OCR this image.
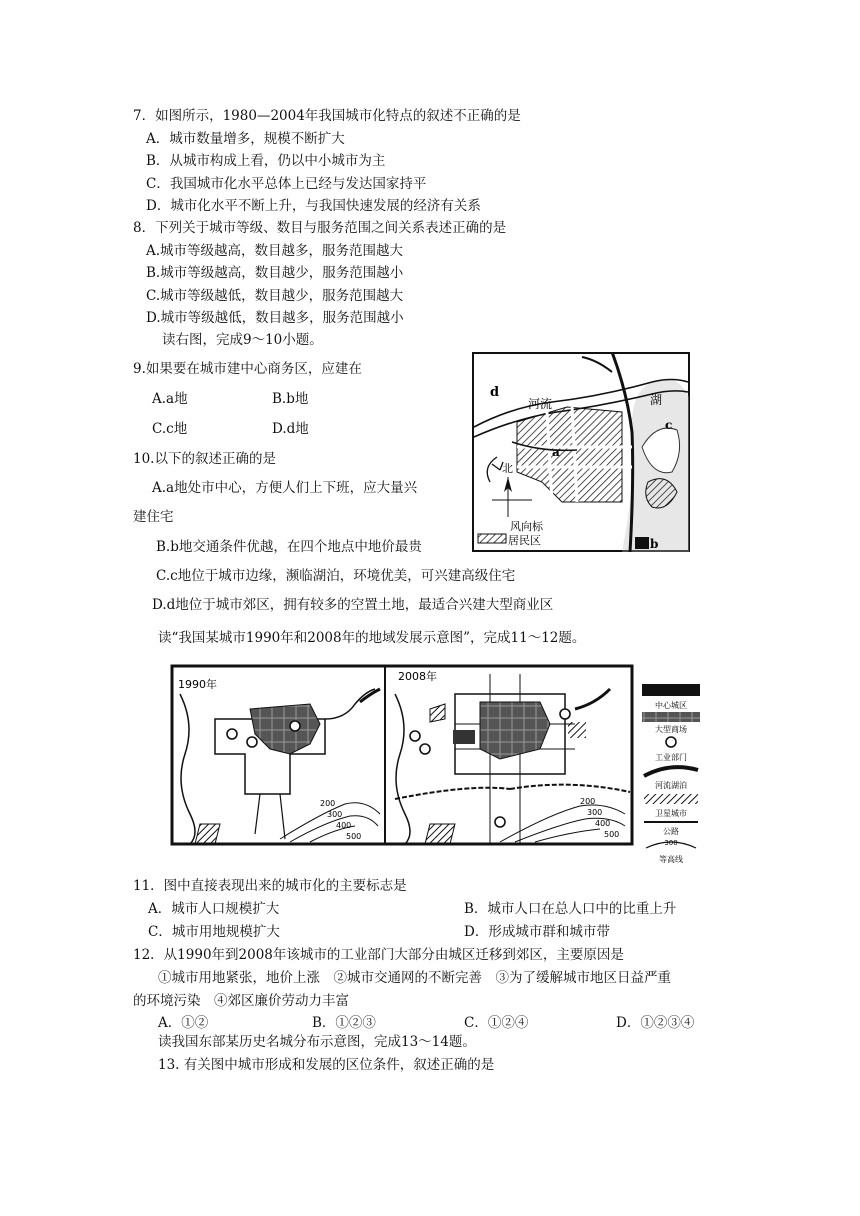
7．如图所示，1980—2004年我国城市化特点的叙述不正确的是
A．城市数量增多，规模不断扩大
B．从城市构成上看，仍以中小城市为主
C．我国城市化水平总体上已经与发达国家持平
D．城市化水平不断上升，与我国快速发展的经济有关系
8．下列关于城市等级、数目与服务范围之间关系表述正确的是
A.城市等级越高，数目越多，服务范围越大
B.城市等级越高，数目越少，服务范围越小
C.城市等级越低，数目越少，服务范围越大
D.城市等级越低，数目越多，服务范围越小
读右图，完成9～10小题。
9.如果要在城市建中心商务区，应建在
A.a地	B.b地
C.c地	D.d地
10.以下的叙述正确的是
A.a地处市中心，方便人们上下班，应大量兴
建住宅
B.b地交通条件优越，在四个地点中地价最贵
C.c地位于城市边缘，濒临湖泊，环境优美，可兴建高级住宅
D.d地位于城市郊区，拥有较多的空置土地，最适合兴建大型商业区
d
河流	湖
c
a
北
风向标
居民区	b
读“我国某城市1990年和2008年的地域发展示意图”，完成11～12题。
1990年
200
300
400
500
2008年
200
300
400
500
中心城区
大型商场
工业部门
河流湖泊
卫星城市
公路
300
等高线
11．图中直接表现出来的城市化的主要标志是
A．城市人口规模扩大	B．城市人口在总人口中的比重上升
C．城市用地规模扩大	D．形成城市群和城市带
12．从1990年到2008年该城市的工业部门大部分由城区迁移到郊区，主要原因是
①城市用地紧张，地价上涨　②城市交通网的不断完善　③为了缓解城市地区日益严重
的环境污染　④郊区廉价劳动力丰富
A．①②	B．①②③	C．①②④	D．①②③④
读我国东部某历史名城分布示意图，完成13～14题。
13. 有关图中城市形成和发展的区位条件，叙述正确的是
